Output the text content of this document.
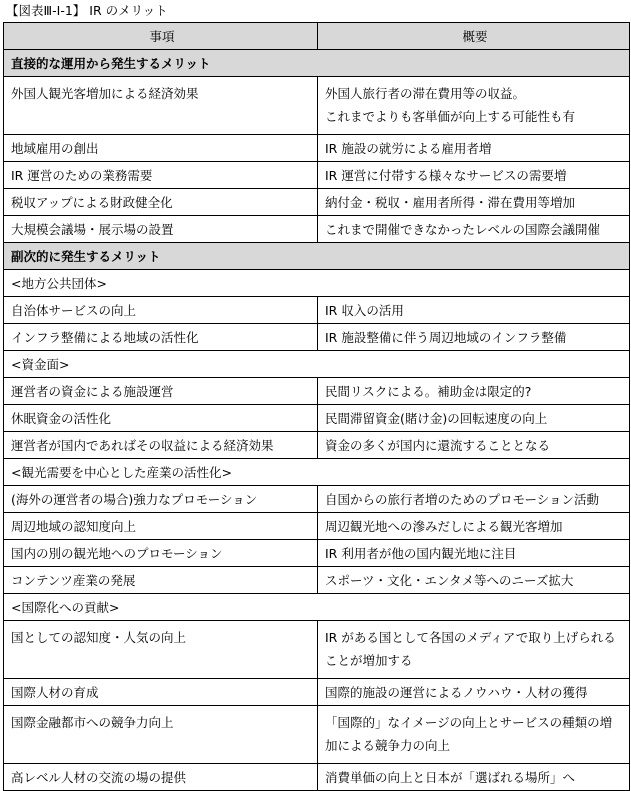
【図表Ⅲ-Ⅰ-1】 IR のメリット
事項	概要
直接的な運用から発生するメリット	
外国人観光客増加による経済効果	外国人旅行者の滞在費用等の収益。
これまでよりも客単価が向上する可能性も有

地域雇用の創出	IR 施設の就労による雇用者増

IR 運営のための業務需要	IR 運営に付帯する様々なサービスの需要増

税収アップによる財政健全化	納付金・税収・雇用者所得・滞在費用等増加

大規模会議場・展示場の設置	これまで開催できなかったレベルの国際会議開催

副次的に発生するメリット	
<地方公共団体>	
自治体サービスの向上	IR 収入の活用

インフラ整備による地域の活性化	IR 施設整備に伴う周辺地域のインフラ整備

<資金面>	
運営者の資金による施設運営	民間リスクによる。補助金は限定的?

休眠資金の活性化	民間滞留資金(賭け金)の回転速度の向上

運営者が国内であればその収益による経済効果	資金の多くが国内に還流することとなる

<観光需要を中心とした産業の活性化>	
(海外の運営者の場合)強力なプロモーション	自国からの旅行者増のためのプロモーション活動

周辺地域の認知度向上	周辺観光地への滲みだしによる観光客増加

国内の別の観光地へのプロモーション	IR 利用者が他の国内観光地に注目

コンテンツ産業の発展	スポーツ・文化・エンタメ等へのニーズ拡大

<国際化への貢献>	
国としての認知度・人気の向上	IR がある国として各国のメディアで取り上げられる
ことが増加する

国際人材の育成	国際的施設の運営によるノウハウ・人材の獲得

国際金融都市への競争力向上	「国際的」なイメージの向上とサービスの種類の増
加による競争力の向上

高レベル人材の交流の場の提供	消費単価の向上と日本が「選ばれる場所」へ
